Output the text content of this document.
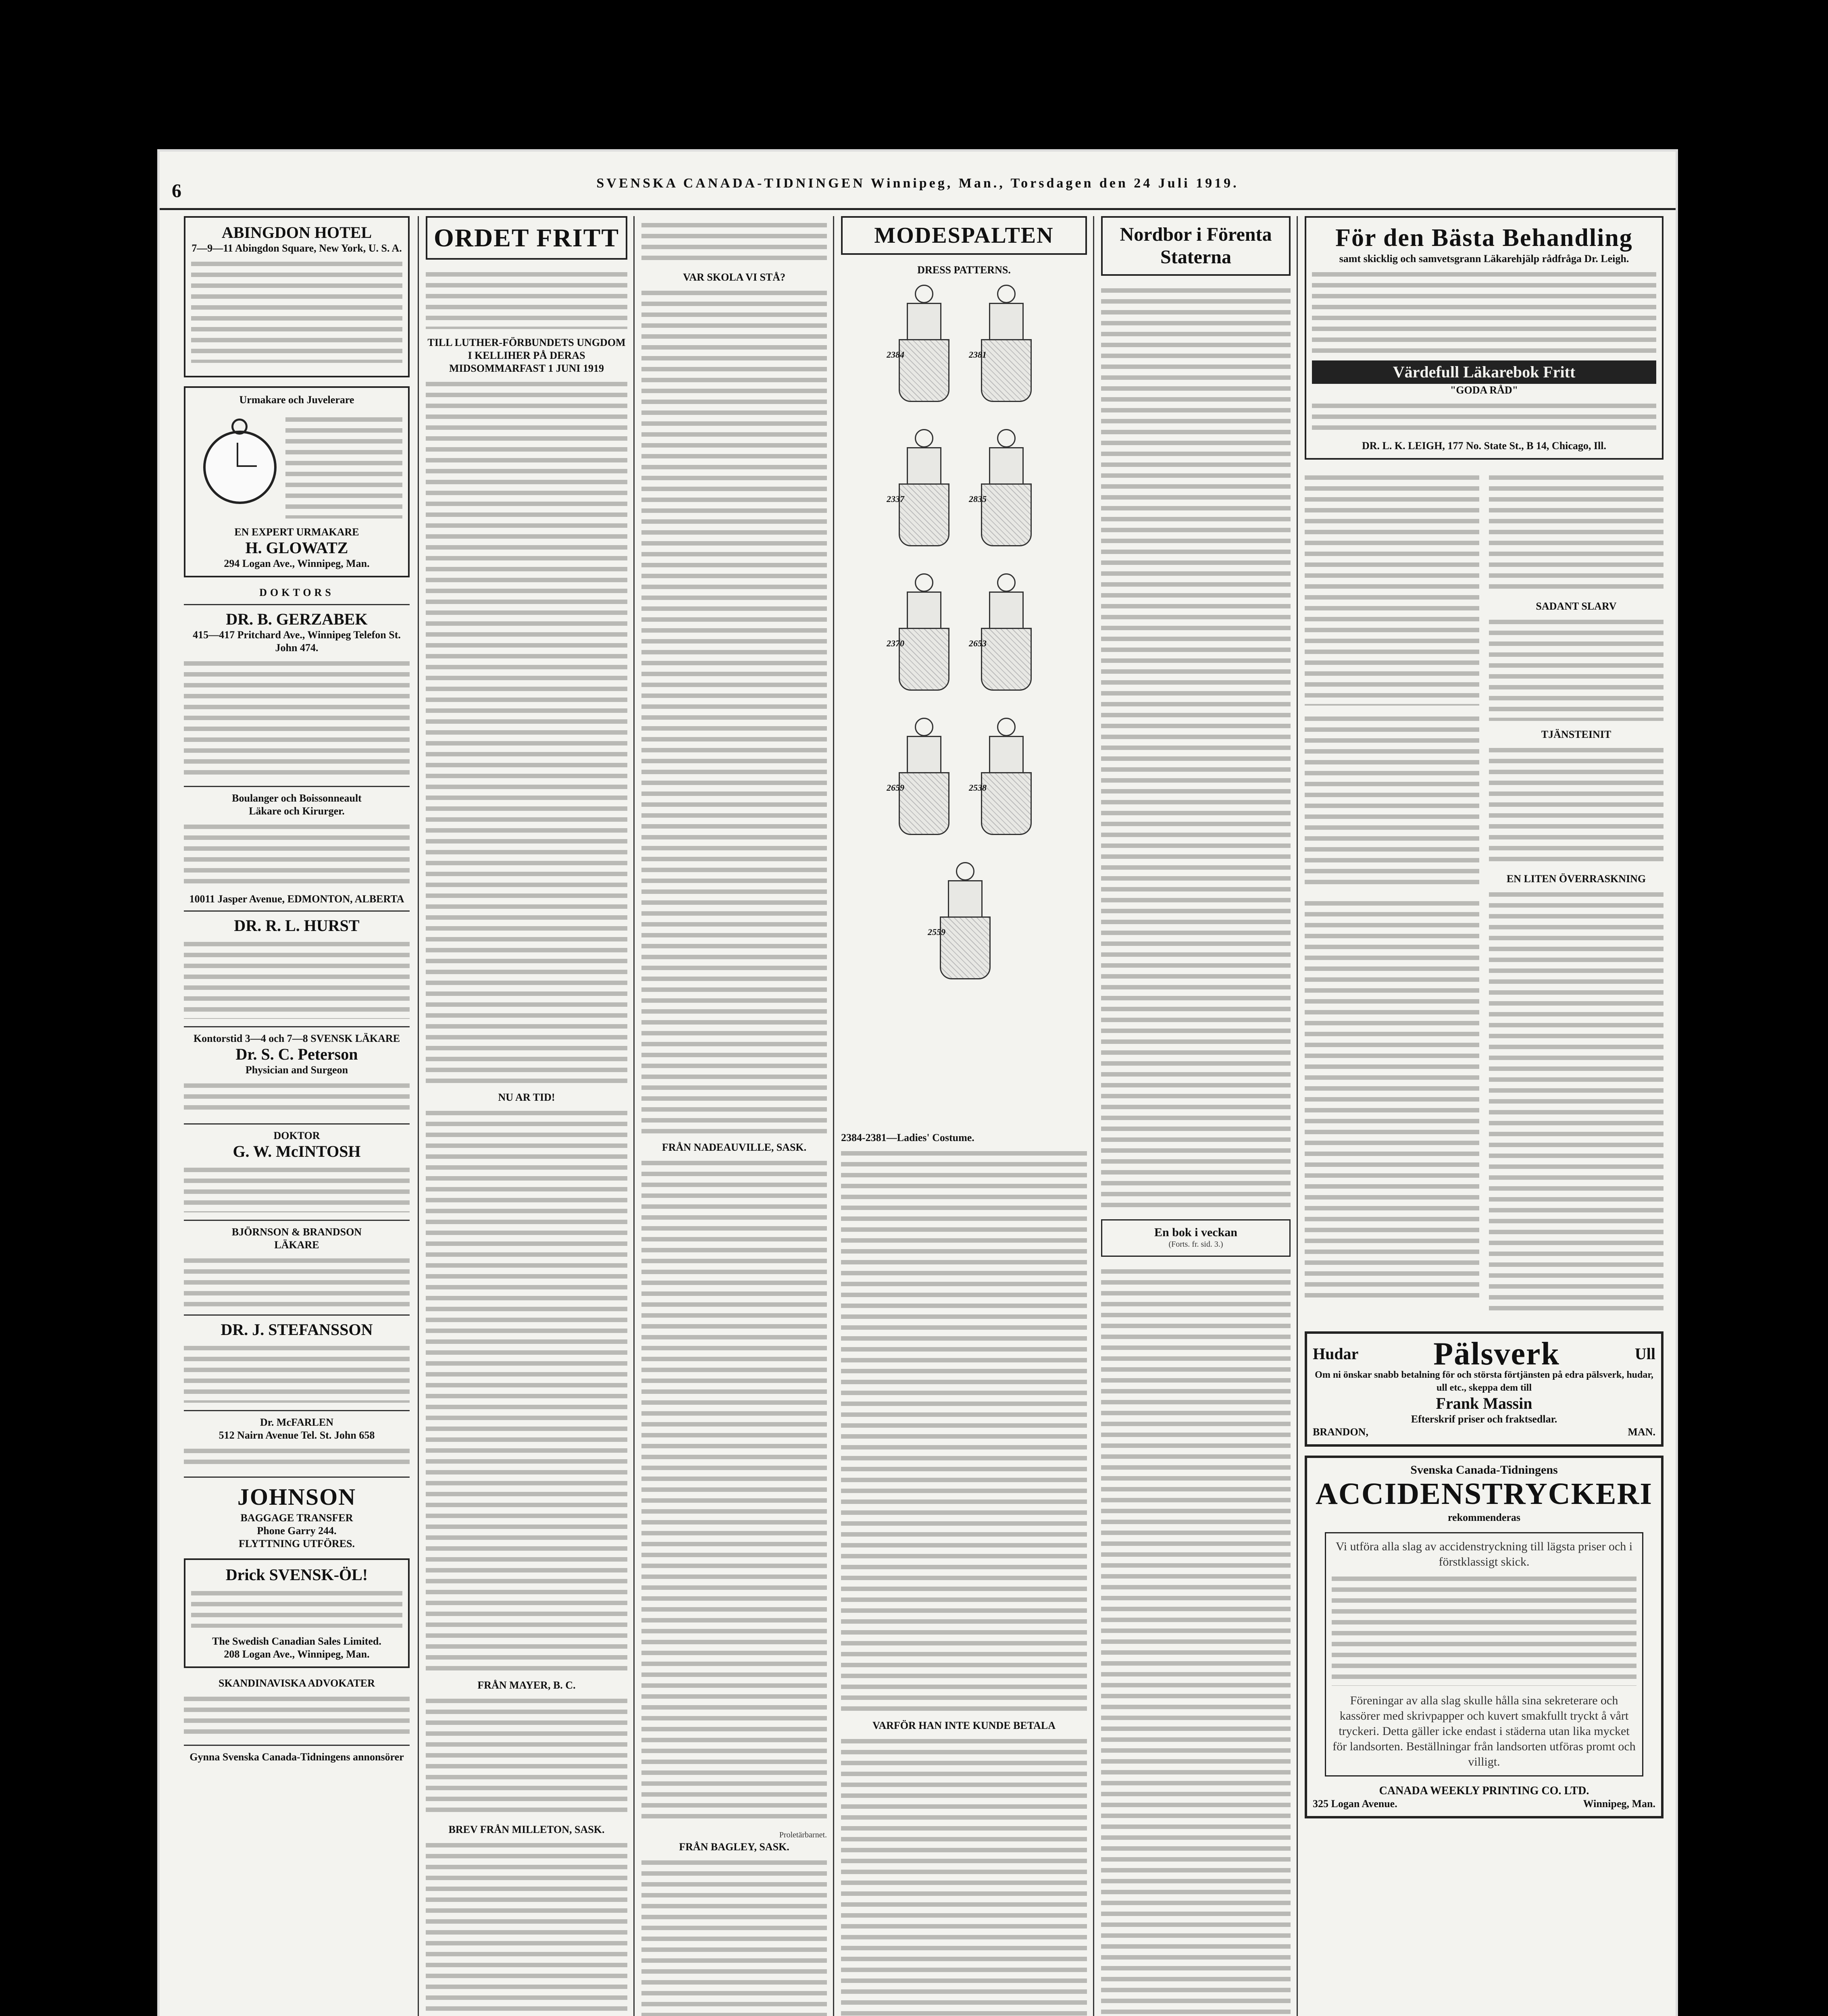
6	SVENSKA CANADA-TIDNINGEN Winnipeg, Man., Torsdagen den 24 Juli 1919.
ABINGDON HOTEL
7—9—11 Abingdon Square, New York, U. S. A.
Urmakare och Juvelerare
EN EXPERT URMAKARE
H. GLOWATZ
294 Logan Ave., Winnipeg, Man.
DOKTORS
DR. B. GERZABEK
415—417 Pritchard Ave., Winnipeg Telefon St. John 474.
Boulanger och Boissonneault
Läkare och Kirurger.
10011 Jasper Avenue, EDMONTON, ALBERTA
DR. R. L. HURST
Kontorstid 3—4 och 7—8 SVENSK LÄKARE
Dr. S. C. Peterson
Physician and Surgeon
DOKTOR
G. W. McINTOSH
BJÖRNSON & BRANDSON
LÄKARE
DR. J. STEFANSSON
Dr. McFARLEN
512 Nairn Avenue Tel. St. John 658
JOHNSON
BAGGAGE TRANSFER
Phone Garry 244.
FLYTTNING UTFÖRES.
Drick SVENSK-ÖL!
The Swedish Canadian Sales Limited.
208 Logan Ave., Winnipeg, Man.
SKANDINAVISKA ADVOKATER
Gynna Svenska Canada-Tidningens annonsörer
ORDET FRITT
TILL LUTHER-FÖRBUNDETS UNGDOM I KELLIHER PÅ DERAS MIDSOMMARFAST 1 JUNI 1919
NU AR TID!
FRÅN MAYER, B. C.
BREV FRÅN MILLETON, SASK.
VAR SKOLA VI STÅ?
FRÅN NADEAUVILLE, SASK.
Proletärbarnet.
FRÅN BAGLEY, SASK.
MODESPALTEN
DRESS PATTERNS.
2384	2381
2337	2835
2370	2653
2659	2538
2559
2384-2381—Ladies' Costume.
VARFÖR HAN INTE KUNDE BETALA
Nordbor i Förenta Staterna
En bok i veckan
(Forts. fr. sid. 3.)
För den Bästa Behandling
samt skicklig och samvetsgrann Läkarehjälp rådfråga Dr. Leigh.
Värdefull Läkarebok Fritt
"GODA RÅD"
DR. L. K. LEIGH, 177 No. State St., B 14, Chicago, Ill.
SADANT SLARV
TJÄNSTEINIT
EN LITEN ÖVERRASKNING
Hudar Pälsverk	Ull
Om ni önskar snabb betalning för och största förtjänsten på edra pälsverk, hudar, ull etc., skeppa dem till
Frank Massin
Efterskrif priser och fraktsedlar.
BRANDON,	MAN.
Svenska Canada-Tidningens
ACCIDENSTRYCKERI
rekommenderas
Vi utföra alla slag av accidenstryckning till lägsta priser och i förstklassigt skick.
Föreningar av alla slag skulle hålla sina sekreterare och kassörer med skrivpapper och kuvert smakfullt tryckt å vårt tryckeri. Detta gäller icke endast i städerna utan lika mycket för landsorten. Beställningar från landsorten utföras promt och villigt.
CANADA WEEKLY PRINTING CO. LTD.
325 Logan Avenue.	Winnipeg, Man.
